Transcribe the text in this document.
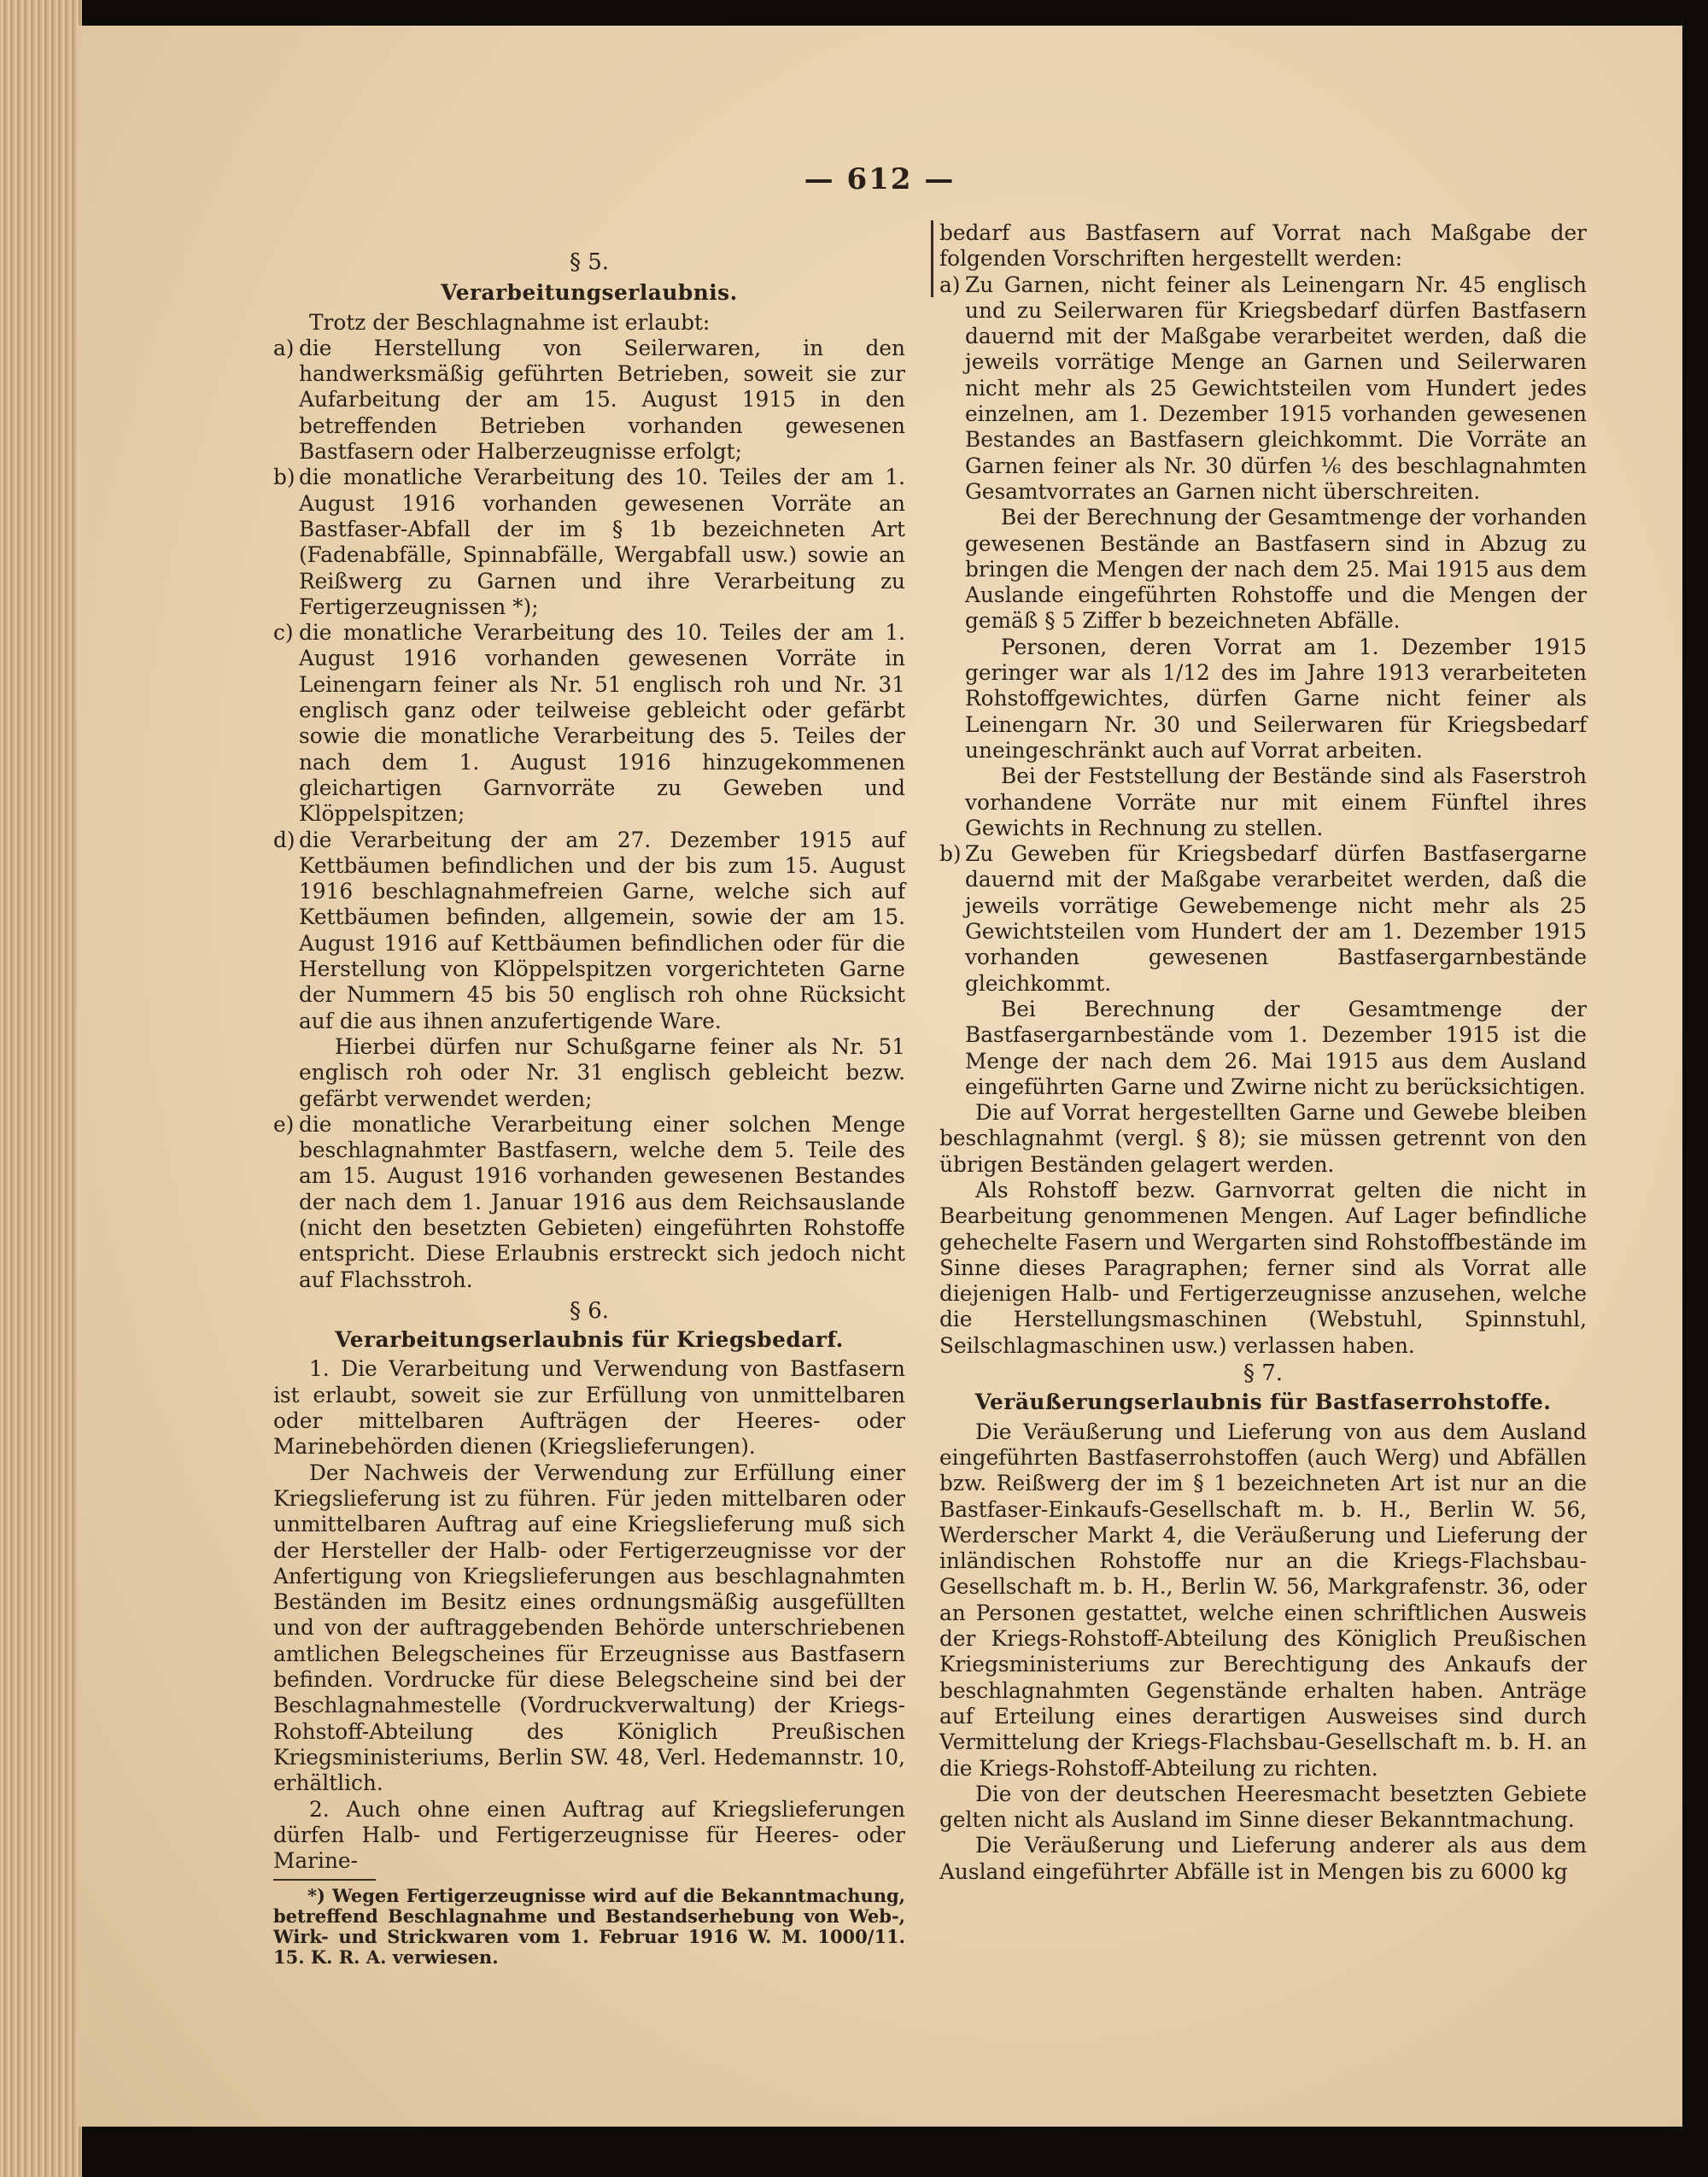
— 612 —

§ 5.

Verarbeitungserlaubnis.

Trotz der Beschlagnahme ist erlaubt:

a) die Herstellung von Seilerwaren, in den handwerksmäßig geführten Betrieben, soweit sie zur Aufarbeitung der am 15. August 1915 in den betreffenden Betrieben vorhanden gewesenen Bastfasern oder Halberzeugnisse erfolgt;

b) die monatliche Verarbeitung des 10. Teiles der am 1. August 1916 vorhanden gewesenen Vorräte an Bastfaser-Abfall der im § 1b bezeichneten Art (Fadenabfälle, Spinnabfälle, Wergabfall usw.) sowie an Reißwerg zu Garnen und ihre Verarbeitung zu Fertigerzeugnissen *);

c) die monatliche Verarbeitung des 10. Teiles der am 1. August 1916 vorhanden gewesenen Vorräte in Leinengarn feiner als Nr. 51 englisch roh und Nr. 31 englisch ganz oder teilweise gebleicht oder gefärbt sowie die monatliche Verarbeitung des 5. Teiles der nach dem 1. August 1916 hinzugekommenen gleichartigen Garnvorräte zu Geweben und Klöppelspitzen;

d) die Verarbeitung der am 27. Dezember 1915 auf Kettbäumen befindlichen und der bis zum 15. August 1916 beschlagnahmefreien Garne, welche sich auf Kettbäumen befinden, allgemein, sowie der am 15. August 1916 auf Kettbäumen befindlichen oder für die Herstellung von Klöppelspitzen vorgerichteten Garne der Nummern 45 bis 50 englisch roh ohne Rücksicht auf die aus ihnen anzufertigende Ware.

Hierbei dürfen nur Schußgarne feiner als Nr. 51 englisch roh oder Nr. 31 englisch gebleicht bezw. gefärbt verwendet werden;

e) die monatliche Verarbeitung einer solchen Menge beschlagnahmter Bastfasern, welche dem 5. Teile des am 15. August 1916 vorhanden gewesenen Bestandes der nach dem 1. Januar 1916 aus dem Reichsauslande (nicht den besetzten Gebieten) eingeführten Rohstoffe entspricht. Diese Erlaubnis erstreckt sich jedoch nicht auf Flachsstroh.

§ 6.

Verarbeitungserlaubnis für Kriegsbedarf.

1. Die Verarbeitung und Verwendung von Bastfasern ist erlaubt, soweit sie zur Erfüllung von unmittelbaren oder mittelbaren Aufträgen der Heeres- oder Marinebehörden dienen (Kriegslieferungen).

Der Nachweis der Verwendung zur Erfüllung einer Kriegslieferung ist zu führen. Für jeden mittelbaren oder unmittelbaren Auftrag auf eine Kriegslieferung muß sich der Hersteller der Halb- oder Fertigerzeugnisse vor der Anfertigung von Kriegslieferungen aus beschlagnahmten Beständen im Besitz eines ordnungsmäßig ausgefüllten und von der auftraggebenden Behörde unterschriebenen amtlichen Belegscheines für Erzeugnisse aus Bastfasern befinden. Vordrucke für diese Belegscheine sind bei der Beschlagnahmestelle (Vordruckverwaltung) der Kriegs-Rohstoff-Abteilung des Königlich Preußischen Kriegsministeriums, Berlin SW. 48, Verl. Hedemannstr. 10, erhältlich.

2. Auch ohne einen Auftrag auf Kriegslieferungen dürfen Halb- und Fertigerzeugnisse für Heeres- oder Marine-

*) Wegen Fertigerzeugnisse wird auf die Bekanntmachung, betreffend Beschlagnahme und Bestandserhebung von Web-, Wirk- und Strickwaren vom 1. Februar 1916 W. M. 1000/11. 15. K. R. A. verwiesen.

bedarf aus Bastfasern auf Vorrat nach Maßgabe der folgenden Vorschriften hergestellt werden:

a) Zu Garnen, nicht feiner als Leinengarn Nr. 45 englisch und zu Seilerwaren für Kriegsbedarf dürfen Bastfasern dauernd mit der Maßgabe verarbeitet werden, daß die jeweils vorrätige Menge an Garnen und Seilerwaren nicht mehr als 25 Gewichtsteilen vom Hundert jedes einzelnen, am 1. Dezember 1915 vorhanden gewesenen Bestandes an Bastfasern gleichkommt. Die Vorräte an Garnen feiner als Nr. 30 dürfen ⅙ des beschlagnahmten Gesamtvorrates an Garnen nicht überschreiten.

Bei der Berechnung der Gesamtmenge der vorhanden gewesenen Bestände an Bastfasern sind in Abzug zu bringen die Mengen der nach dem 25. Mai 1915 aus dem Auslande eingeführten Rohstoffe und die Mengen der gemäß § 5 Ziffer b bezeichneten Abfälle.

Personen, deren Vorrat am 1. Dezember 1915 geringer war als 1/12 des im Jahre 1913 verarbeiteten Rohstoffgewichtes, dürfen Garne nicht feiner als Leinengarn Nr. 30 und Seilerwaren für Kriegsbedarf uneingeschränkt auch auf Vorrat arbeiten.

Bei der Feststellung der Bestände sind als Faserstroh vorhandene Vorräte nur mit einem Fünftel ihres Gewichts in Rechnung zu stellen.

b) Zu Geweben für Kriegsbedarf dürfen Bastfasergarne dauernd mit der Maßgabe verarbeitet werden, daß die jeweils vorrätige Gewebemenge nicht mehr als 25 Gewichtsteilen vom Hundert der am 1. Dezember 1915 vorhanden gewesenen Bastfasergarnbestände gleichkommt.

Bei Berechnung der Gesamtmenge der Bastfasergarnbestände vom 1. Dezember 1915 ist die Menge der nach dem 26. Mai 1915 aus dem Ausland eingeführten Garne und Zwirne nicht zu berücksichtigen.

Die auf Vorrat hergestellten Garne und Gewebe bleiben beschlagnahmt (vergl. § 8); sie müssen getrennt von den übrigen Beständen gelagert werden.

Als Rohstoff bezw. Garnvorrat gelten die nicht in Bearbeitung genommenen Mengen. Auf Lager befindliche gehechelte Fasern und Wergarten sind Rohstoffbestände im Sinne dieses Paragraphen; ferner sind als Vorrat alle diejenigen Halb- und Fertigerzeugnisse anzusehen, welche die Herstellungsmaschinen (Webstuhl, Spinnstuhl, Seilschlagmaschinen usw.) verlassen haben.

§ 7.

Veräußerungserlaubnis für Bastfaserrohstoffe.

Die Veräußerung und Lieferung von aus dem Ausland eingeführten Bastfaserrohstoffen (auch Werg) und Abfällen bzw. Reißwerg der im § 1 bezeichneten Art ist nur an die Bastfaser-Einkaufs-Gesellschaft m. b. H., Berlin W. 56, Werderscher Markt 4, die Veräußerung und Lieferung der inländischen Rohstoffe nur an die Kriegs-Flachsbau-Gesellschaft m. b. H., Berlin W. 56, Markgrafenstr. 36, oder an Personen gestattet, welche einen schriftlichen Ausweis der Kriegs-Rohstoff-Abteilung des Königlich Preußischen Kriegsministeriums zur Berechtigung des Ankaufs der beschlagnahmten Gegenstände erhalten haben. Anträge auf Erteilung eines derartigen Ausweises sind durch Vermittelung der Kriegs-Flachsbau-Gesellschaft m. b. H. an die Kriegs-Rohstoff-Abteilung zu richten.

Die von der deutschen Heeresmacht besetzten Gebiete gelten nicht als Ausland im Sinne dieser Bekanntmachung.

Die Veräußerung und Lieferung anderer als aus dem Ausland eingeführter Abfälle ist in Mengen bis zu 6000 kg
